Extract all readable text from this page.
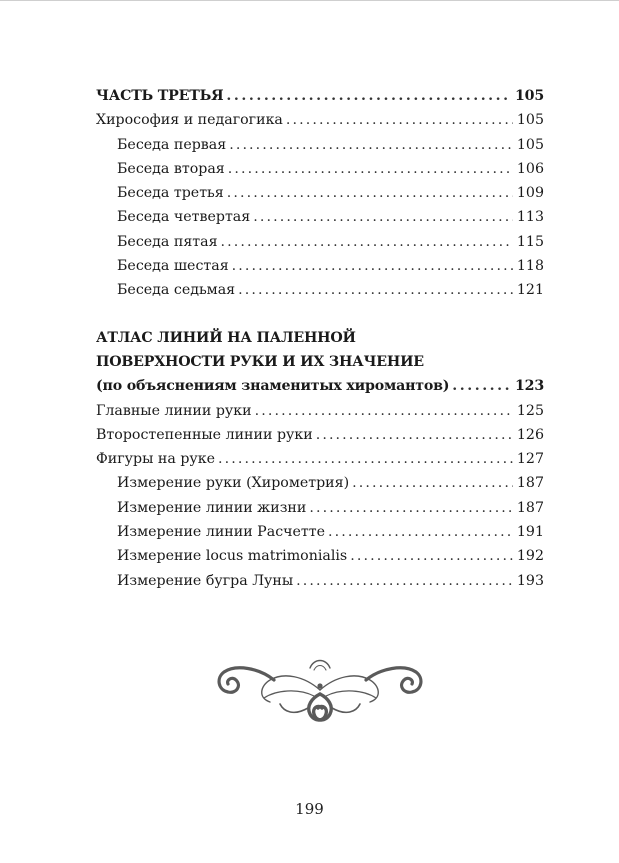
ЧАСТЬ ТРЕТЬЯ . . .	105
Хирософия и педагогика . . .	105
Беседа первая . . .	105
Беседа вторая . . .	106
Беседа третья . . .	109
Беседа четвертая . . .	113
Беседа пятая . . .	115
Беседа шестая . . .	118
Беседа седьмая . . .	121
АТЛАС ЛИНИЙ НА ПАЛЕННОЙ
ПОВЕРХНОСТИ РУКИ И ИХ ЗНАЧЕНИЕ
(по объяснениям знаменитых хиромантов) . . .	123
Главные линии руки . . .	125
Второстепенные линии руки . . .	126
Фигуры на руке . . .	127
Измерение руки (Хирометрия) . . .	187
Измерение линии жизни . . .	187
Измерение линии Расчетте . . .	191
Измерение locus matrimonialis . . .	192
Измерение бугра Луны . . .	193
199
